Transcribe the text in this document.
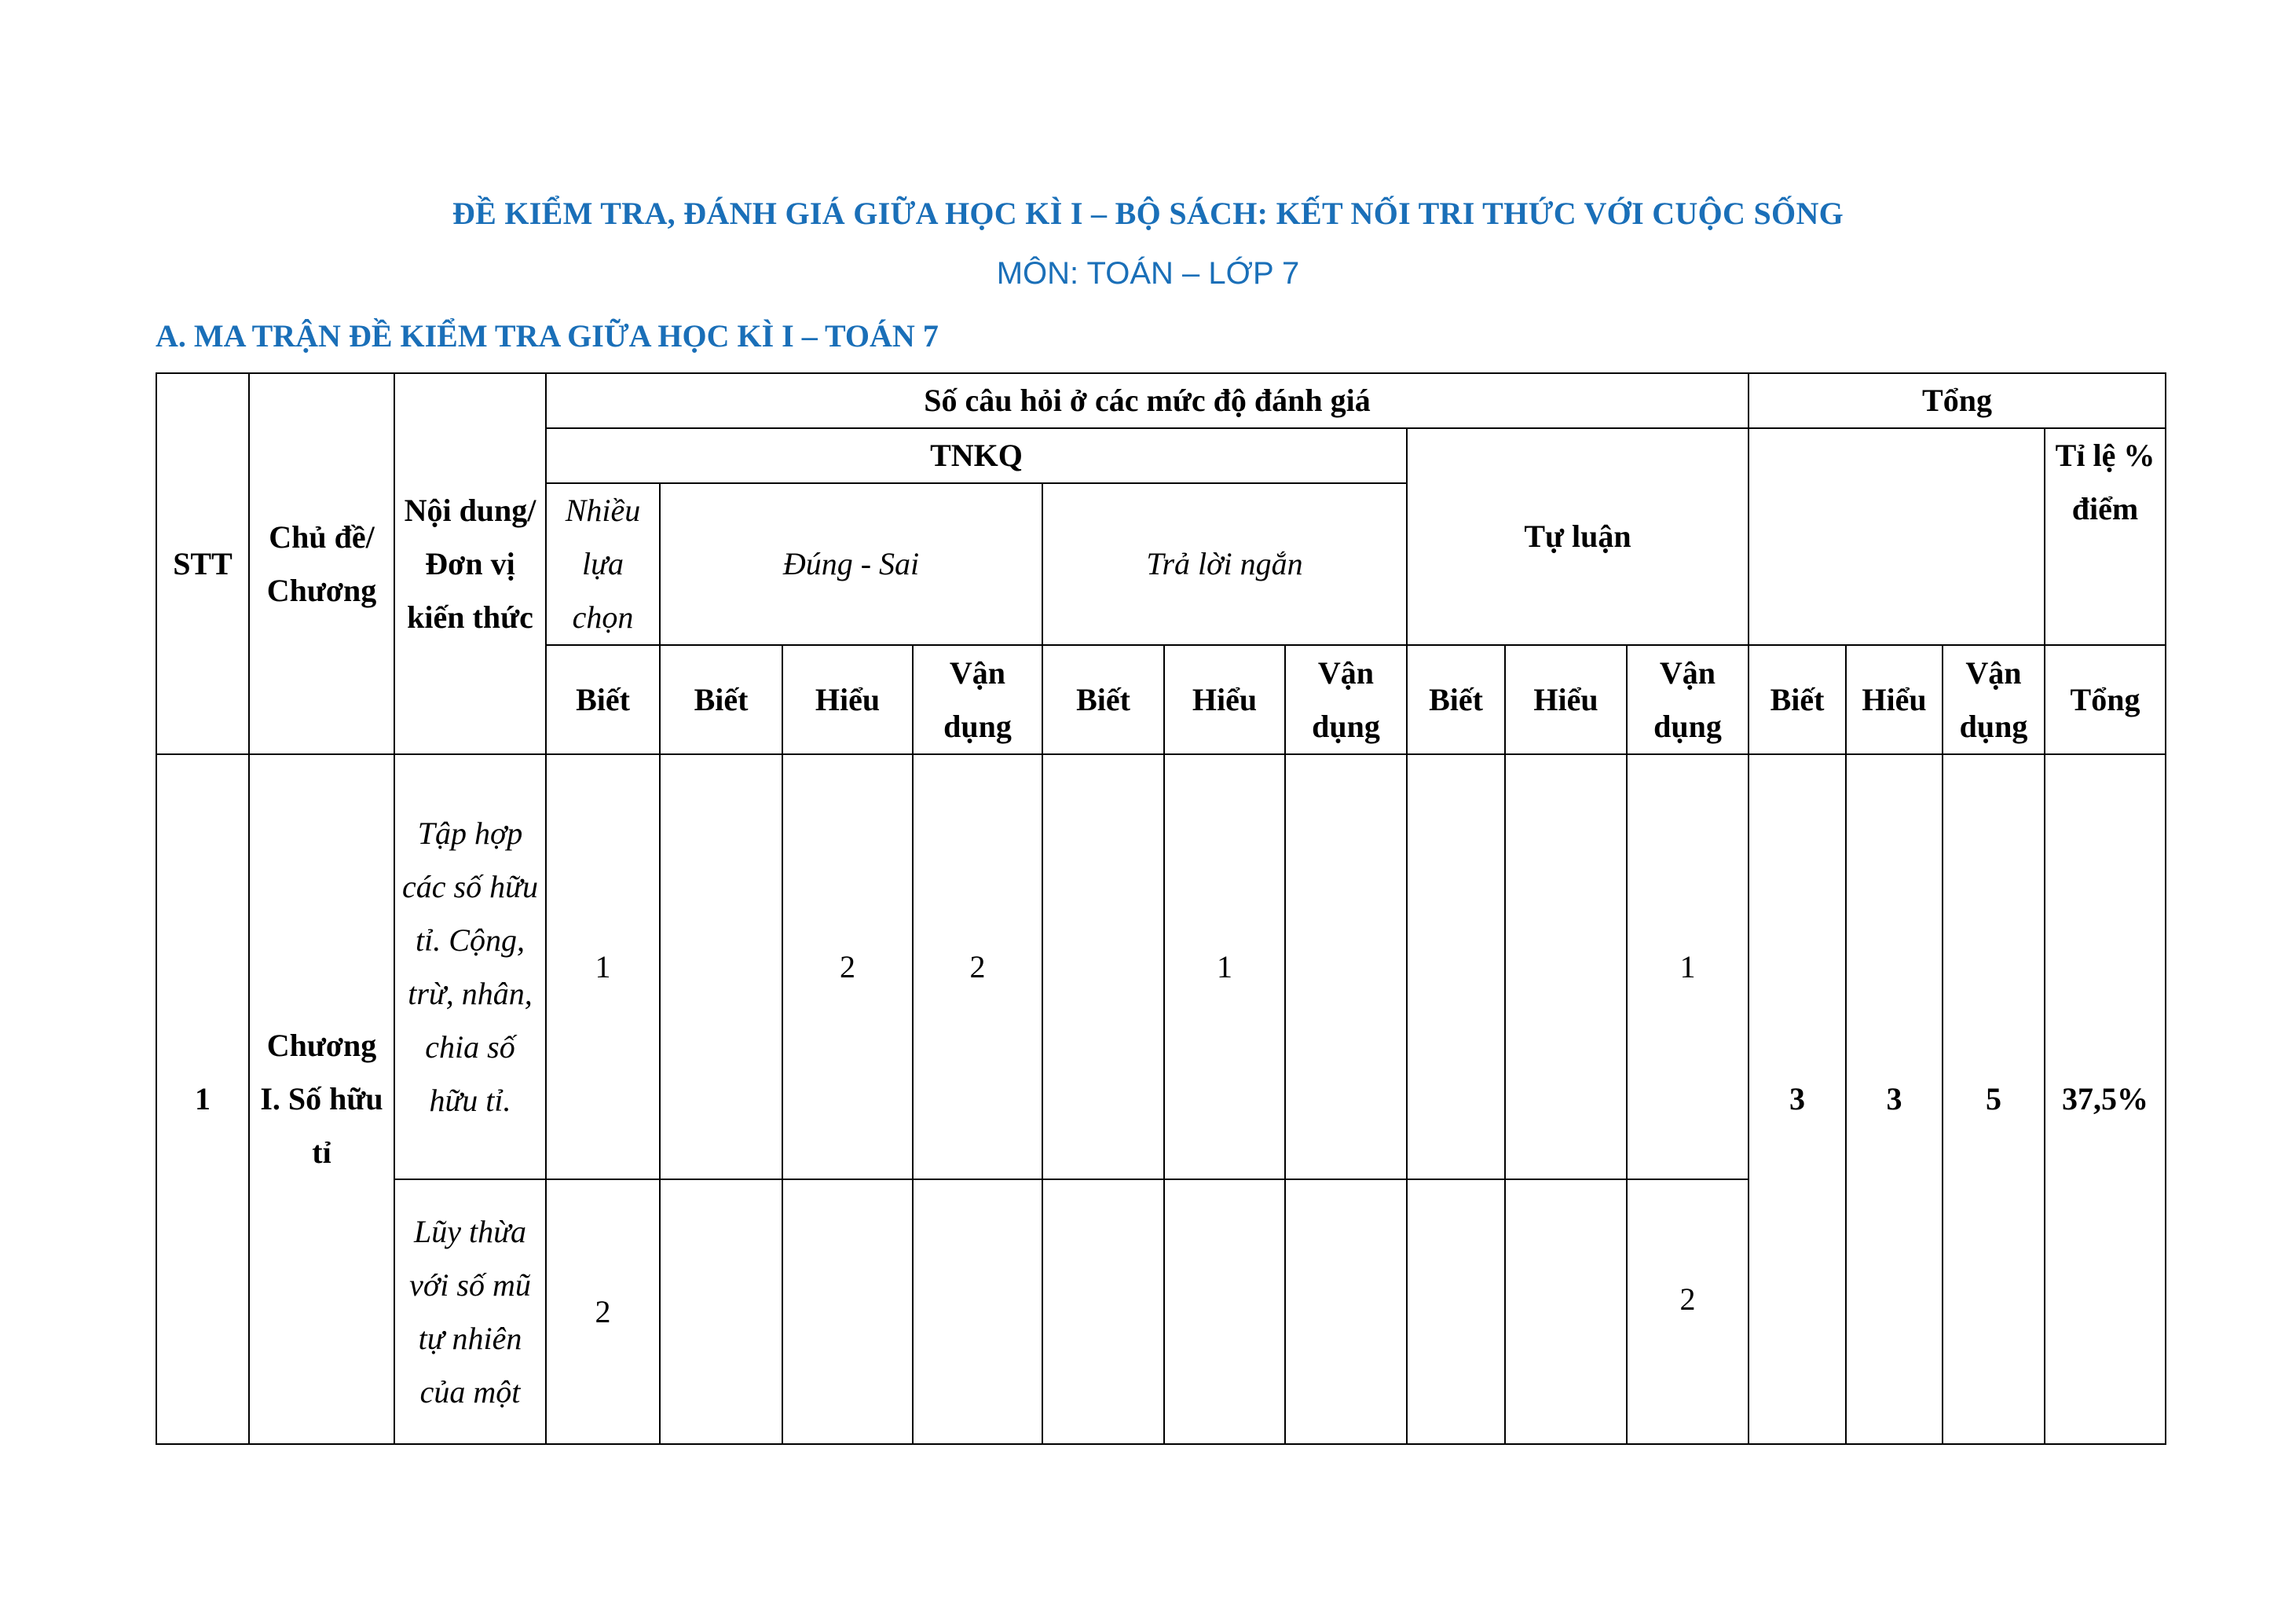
ĐỀ KIỂM TRA, ĐÁNH GIÁ GIỮA HỌC KÌ I – BỘ SÁCH: KẾT NỐI TRI THỨC VỚI CUỘC SỐNG
MÔN: TOÁN – LỚP 7
A. MA TRẬN ĐỀ KIỂM TRA GIỮA HỌC KÌ I – TOÁN 7
STT	Chủ đề/ Chương	Nội dung/ Đơn vị kiến thức	Số câu hỏi ở các mức độ đánh giá										Tổng			
			TNKQ							Tự luận						Tỉ lệ % điểm
			Nhiều lựa chọn	Đúng - Sai			Trả lời ngắn									
			Biết	Biết	Hiểu	Vận dụng	Biết	Hiểu	Vận dụng	Biết	Hiểu	Vận dụng	Biết	Hiểu	Vận dụng	Tổng

1	Chương I. Số hữu tỉ	Tập hợp các số hữu tỉ. Cộng, trừ, nhân, chia số hữu tỉ.	1		2	2		1				1	3	3	5	37,5%
		Lũy thừa với số mũ tự nhiên của một	2									2				
